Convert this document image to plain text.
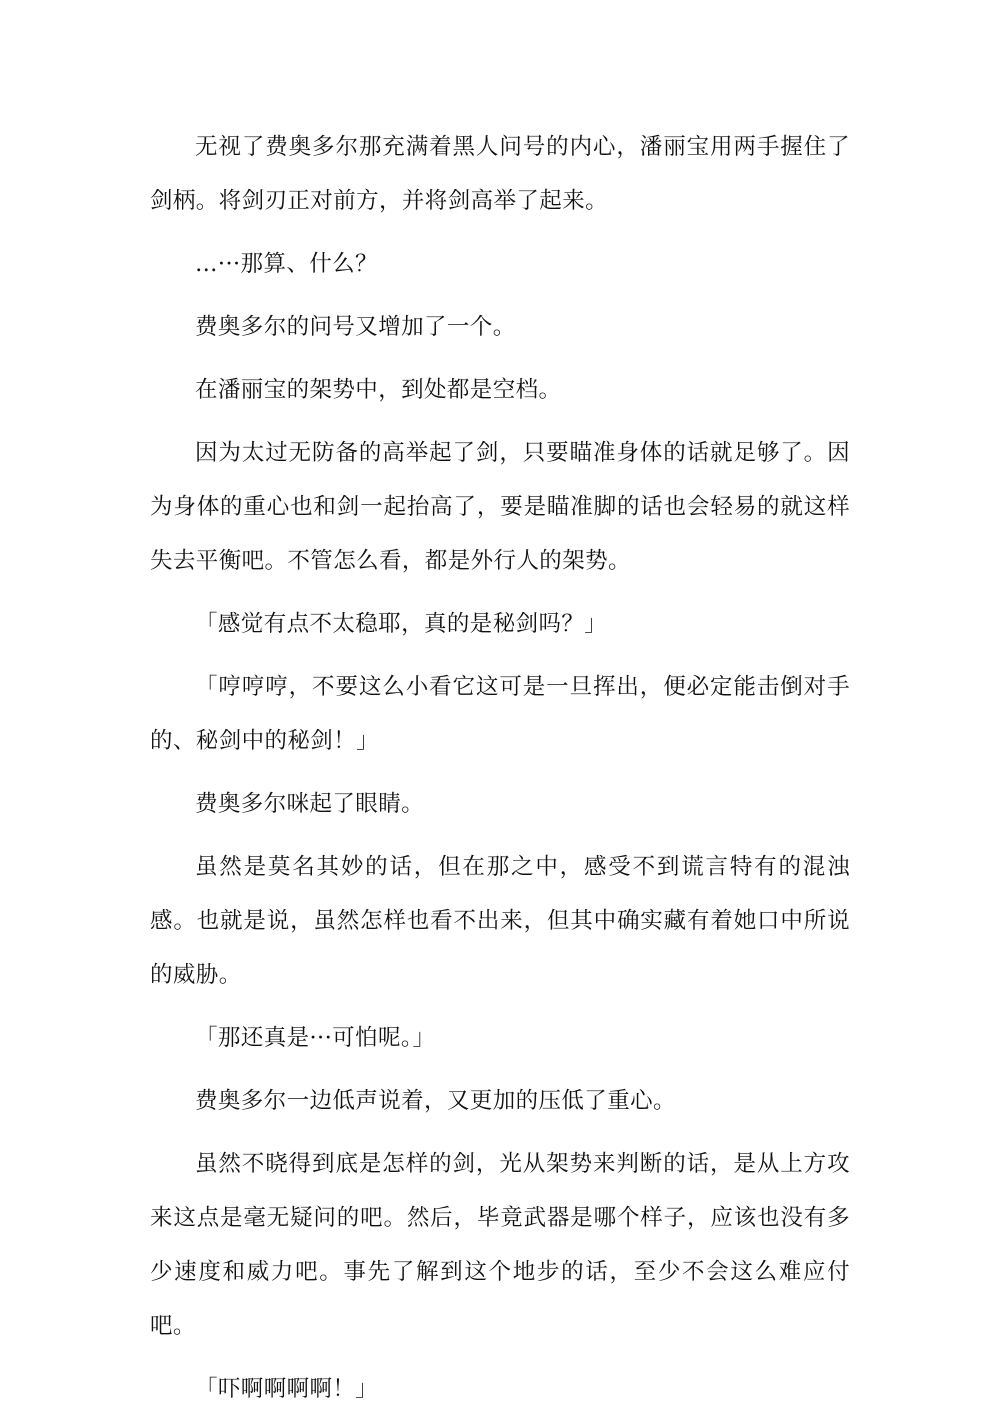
无视了费奥多尔那充满着黑人问号的内心，潘丽宝用两手握住了剑柄。将剑刃正对前方，并将剑高举了起来。

…···那算、什么？

费奥多尔的问号又增加了一个。

在潘丽宝的架势中，到处都是空档。

因为太过无防备的高举起了剑，只要瞄准身体的话就足够了。因为身体的重心也和剑一起抬高了，要是瞄准脚的话也会轻易的就这样失去平衡吧。不管怎么看，都是外行人的架势。

「感觉有点不太稳耶，真的是秘剑吗？」

「哼哼哼，不要这么小看它这可是一旦挥出，便必定能击倒对手的、秘剑中的秘剑！」

费奥多尔咪起了眼睛。

虽然是莫名其妙的话，但在那之中，感受不到谎言特有的混浊感。也就是说，虽然怎样也看不出来，但其中确实藏有着她口中所说的威胁。

「那还真是···可怕呢。」

费奥多尔一边低声说着，又更加的压低了重心。

虽然不晓得到底是怎样的剑，光从架势来判断的话，是从上方攻来这点是毫无疑问的吧。然后，毕竟武器是哪个样子，应该也没有多少速度和威力吧。事先了解到这个地步的话，至少不会这么难应付吧。

「吓啊啊啊啊！」
